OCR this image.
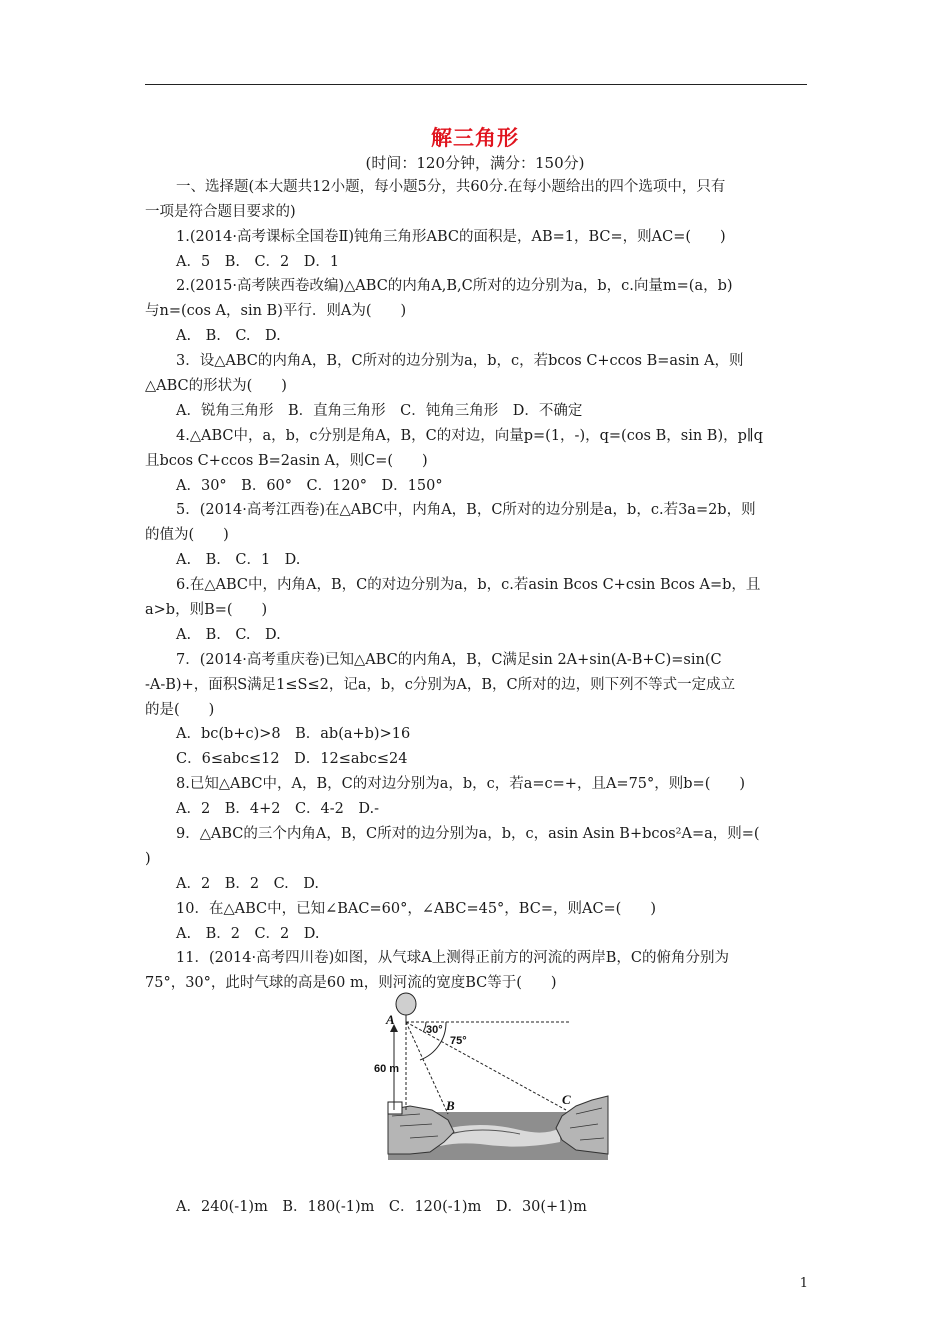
解三角形
(时间：120分钟，满分：150分)
一、选择题(本大题共12小题，每小题5分，共60分.在每小题给出的四个选项中，只有
一项是符合题目要求的)
1.(2014·高考课标全国卷Ⅱ)钝角三角形ABC的面积是，AB=1，BC=，则AC=(　　)
A．5　B.　C．2　D．1
2.(2015·高考陕西卷改编)△ABC的内角A,B,C所对的边分别为a，b，c.向量m=(a，b)
与n=(cos A，sin B)平行．则A为(　　)
A.　B.　C.　D.
3．设△ABC的内角A，B，C所对的边分别为a，b，c，若bcos C+ccos B=asin A，则
△ABC的形状为(　　)
A．锐角三角形　B．直角三角形　C．钝角三角形　D．不确定
4.△ABC中，a，b，c分别是角A，B，C的对边，向量p=(1，-)，q=(cos B，sin B)，p∥q
且bcos C+ccos B=2asin A，则C=(　　)
A．30°　B．60°　C．120°　D．150°
5．(2014·高考江西卷)在△ABC中，内角A，B，C所对的边分别是a，b，c.若3a=2b，则
的值为(　　)
A.　B.　C．1　D.
6.在△ABC中，内角A，B，C的对边分别为a，b，c.若asin Bcos C+csin Bcos A=b，且
a>b，则B=(　　)
A.　B.　C.　D.
7．(2014·高考重庆卷)已知△ABC的内角A，B，C满足sin 2A+sin(A-B+C)=sin(C
-A-B)+，面积S满足1≤S≤2，记a，b，c分别为A，B，C所对的边，则下列不等式一定成立
的是(　　)
A．bc(b+c)>8　B．ab(a+b)>16
C．6≤abc≤12　D．12≤abc≤24
8.已知△ABC中，A，B，C的对边分别为a，b，c，若a=c=+，且A=75°，则b=(　　)
A．2　B．4+2　C．4-2　D.-
9．△ABC的三个内角A，B，C所对的边分别为a，b，c，asin Asin B+bcos²A=a，则=(
)
A．2　B．2　C.　D.
10．在△ABC中，已知∠BAC=60°，∠ABC=45°，BC=，则AC=(　　)
A.　B．2　C．2　D.
11．(2014·高考四川卷)如图，从气球A上测得正前方的河流的两岸B，C的俯角分别为
75°，30°，此时气球的高是60 m，则河流的宽度BC等于(　　)
A
B	C
30°
75°
60 m
A．240(-1)m　B．180(-1)m　C．120(-1)m　D．30(+1)m
1
